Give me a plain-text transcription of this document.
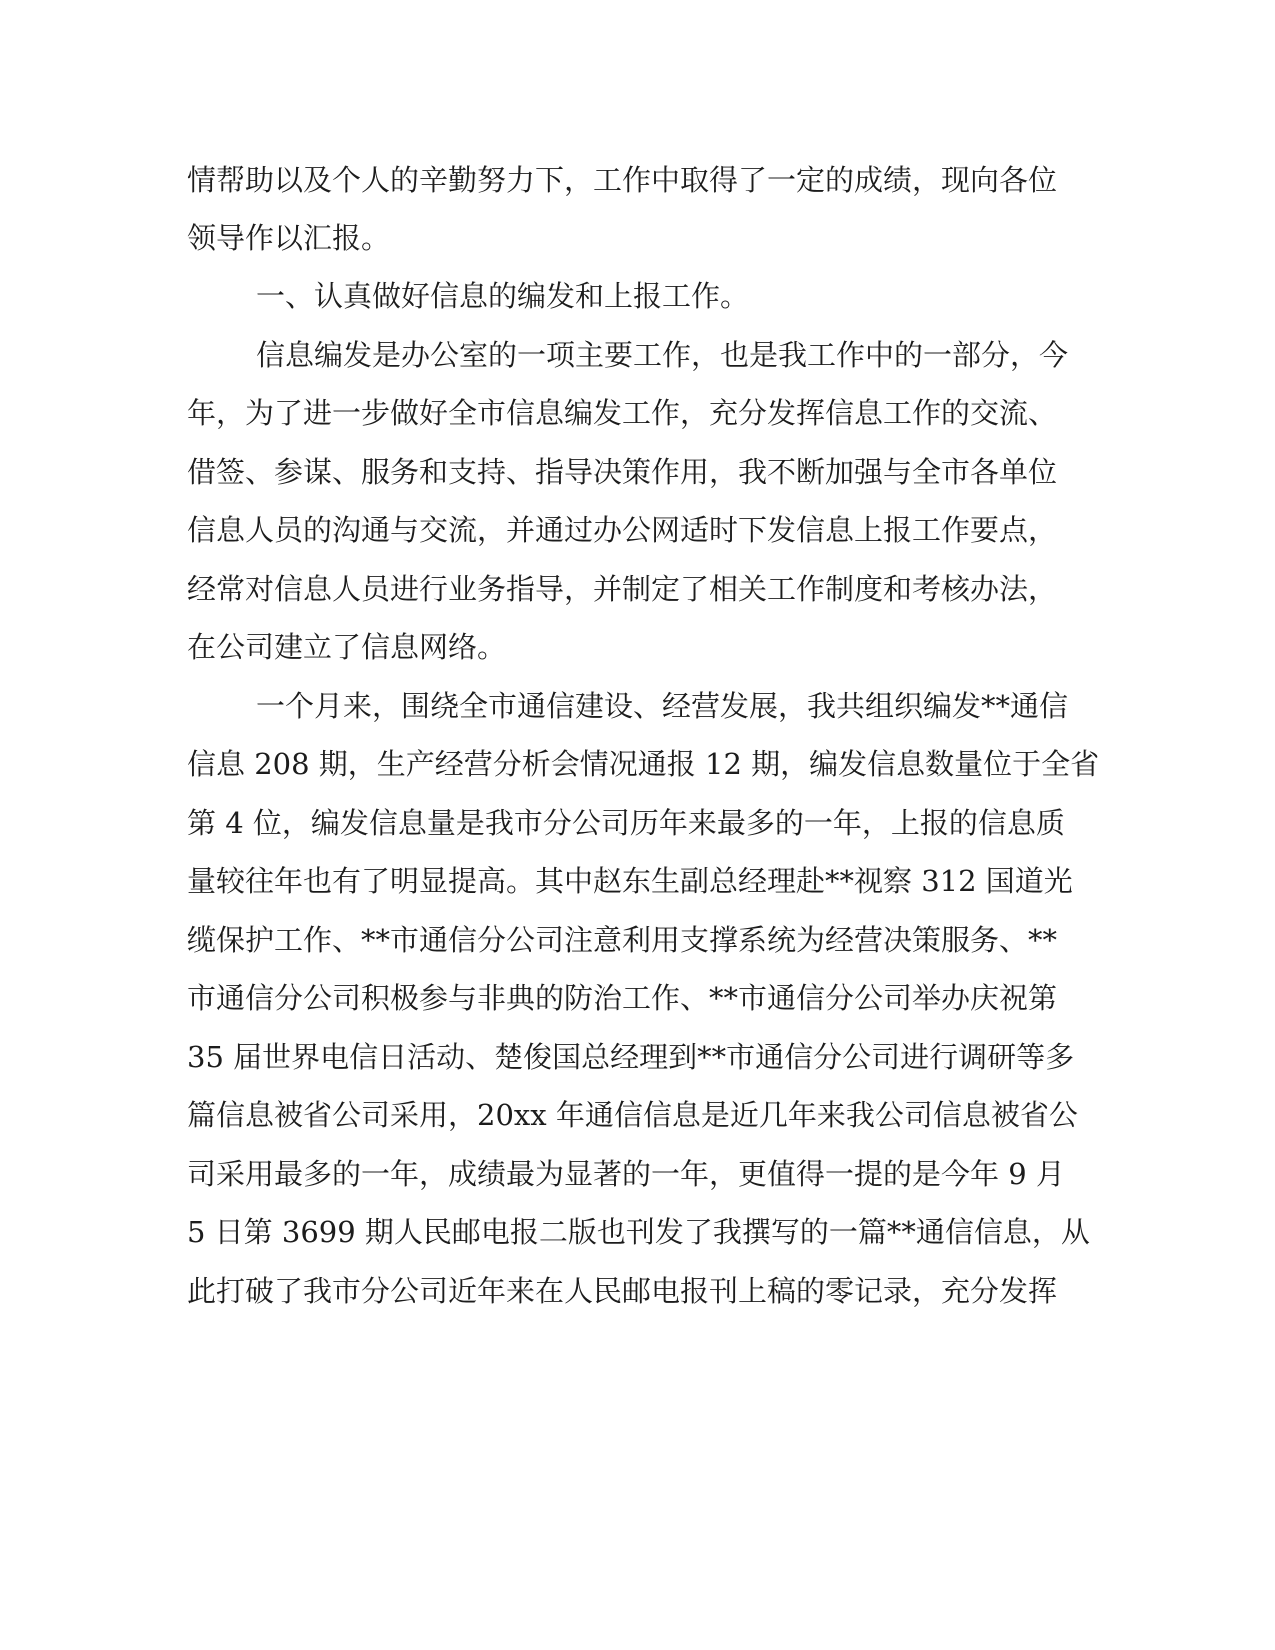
情帮助以及个人的辛勤努力下，工作中取得了一定的成绩，现向各位
领导作以汇报。
一、认真做好信息的编发和上报工作。
信息编发是办公室的一项主要工作，也是我工作中的一部分，今
年，为了进一步做好全市信息编发工作，充分发挥信息工作的交流、
借签、参谋、服务和支持、指导决策作用，我不断加强与全市各单位
信息人员的沟通与交流，并通过办公网适时下发信息上报工作要点，
经常对信息人员进行业务指导，并制定了相关工作制度和考核办法，
在公司建立了信息网络。
一个月来，围绕全市通信建设、经营发展，我共组织编发**通信
信息 208 期，生产经营分析会情况通报 12 期，编发信息数量位于全省
第 4 位，编发信息量是我市分公司历年来最多的一年，上报的信息质
量较往年也有了明显提高。其中赵东生副总经理赴**视察 312 国道光
缆保护工作、**市通信分公司注意利用支撑系统为经营决策服务、**
市通信分公司积极参与非典的防治工作、**市通信分公司举办庆祝第
35 届世界电信日活动、楚俊国总经理到**市通信分公司进行调研等多
篇信息被省公司采用，20xx 年通信信息是近几年来我公司信息被省公
司采用最多的一年，成绩最为显著的一年，更值得一提的是今年 9 月
5 日第 3699 期人民邮电报二版也刊发了我撰写的一篇**通信信息，从
此打破了我市分公司近年来在人民邮电报刊上稿的零记录，充分发挥
